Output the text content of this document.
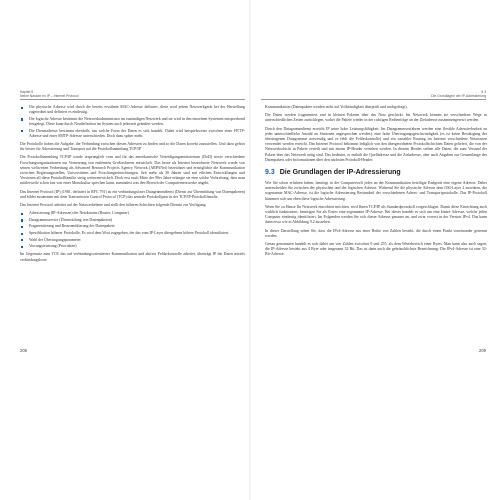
Kapitel 9
Netze Nassen ex IP – Internet Protocol
Die physische Adresse wird durch die bereits erwähnte MAC-Adresse definiert, diese wird jedem Netzwerkgerät bei der Herstellung zugeordnet und definiert es eindeutig.
Die logische Adresse bestimmt die Netzwerkadministrator im zuständigen Netzwerk und sie wird in den einzelnen Systemen entsprechend festgelegt. Diese kann durch Neudefinition im System auch jederzeit geändert werden.
Die Dienstadresse bestimmt ebenfalls, um welche Form der Daten es sich handelt. Dabei wird beispielsweise zwischen einer HTTP-Adresse und einer SMTP-Adresse unterschieden. Doch dazu später mehr.

Die Protokolle haben die Aufgabe, die Verbindung zwischen diesen Adressen zu finden und so die Daten korrekt zuzustellen. Und dazu gehört für besser für Adressierung und Transport auf die Protokollsammlung TCP/IP.

Die Protokollsammlung TCP/IP wurde ursprünglich vom und für das amerikanische Verteidigungsministerium (DoD) sowie verschiedene Forschungsorganisationen zur Vernetzung von entfernten Großrechnern entwickelt. Das heute als Internet bezeichnete Netzwerk wurde von seinen weltweiten Verbreitung als Advanced Research Projects Agency Network (ARPANet) bezeichnet und ermöglichte die Kommunikation zwischen Regierungsstellen, Universitäten und Forschungseinrichtungen. Seit mehr als 30 Jahren sind mit etlichen Entwicklungen und Versionen all diese Protokollfamilie stetig weiterentwickelt. Doch erst nach Mitte der 90er Jahre erlangte sie eine solche Verbreitung, dass man mittlerweile schon fast von einer Monokultur sprechen kann, zumindest was den Bereich der Computernetzwerke angeht.

Das Internet Protocol (IP) (1981, definiert in RFC 791) ist ein verbindungsloser Datagrammdienst (Dienst zur Übermittlung von Datenpaketen) und bildet zusammen mit dem Transmission Control Protocol (TCP) das zentrale Protokollpaar in der TCP/IP-Protokollfamilie.

Das Internet Protocol arbeitet auf der Netzwerkebene und stellt den höheren Schichten folgende Dienste zur Verfügung:

Adressierung (IP-Adressen) der Netzknoten (Router, Computer)
Datagrammservice (Übermittlung von Datenpaketen)
Fragmentierung und Reassemblierung der Datenpakete
Spezifikation höherer Protokolle. Es wird dem Wort zugegeben, der das vom IP-Layer übergebene höhere Protokoll identifiziert.
Wahl der Übertragungsparameter
Vorrangsteuerung (Prioritäten)

Im Gegensatz zum TCP, das auf verbindungsorientierter Kommunikation und aktiver Fehlerkontrolle arbeitet, überträgt IP die Daten mittels verbindungsloser

208
9.3
Die Grundlagen der IP-Adressierung

Kommunikation (Datenpakete werden nicht auf Vollständigkeit überprüft und nachgefragt).

Die Daten werden fragmentiert und in kleinen Paketen über das Netz geschickt. Im Netzwerk können sie verschiedene Wege in unterschiedlichen Zeiten zurücklegen, wobei die Pakete wieder in der richtigen Reihenfolge an der Zieladresse zusammengesetzt werden.

Durch den Datagrammdienst erreicht IP seine hohe Leistungsfähigkeit. Im Datagrammverfahren werden eine flexible Adressierbarkeit zu jeder unterschiedliche Anzahl an Stationen angesprochen werden), eine hohe Übertragungsgeschwindigkeit (es ist keine Bestätigung der übertragenen Datagramme notwendig und es fehlt die Fehlerkontrolle) und ein variabler Routing im Internet verschiedene Netzrouten verwendet werden erreicht. Das Internet Protocol bekommt lediglich von den übergeordneten Protokollschichten Daten geliefert, die von der Netzwerkschicht in Pakete verteilt und mit einem IP-Header versehen werden. In diesem Header stehen alle Daten, die zum Versand der Pakete über das Netzwerk nötig sind. Das bedeutet, er enthält die Quelladresse und die Zieladresse, aber auch Angaben zur Gesamtlänge des Datenpakets oder Informationen über den nächsten Protokoll-Header.

9.3 Die Grundlagen der IP-Adressierung

Wie Sie schon erfahren haben, benötigt in der Computerwelt jedes an der Kommunikation beteiligte Endgerät eine eigene Adresse. Dabei unterscheiden Sie zwischen der physischen und der logischen Adresse. Während Sie die physische Adresse dem OSI-Layer 2 zuordnen, die sogenannte MAC-Adresse, ist die logische Adressierung Bestandteil der verschiedenen Adress- und Transportprotokolle. Das IP-Protokoll kümmert sich um eben diese logische Adressierung.

Wenn Sie zu Hause Ihr Netzwerk einrichten möchten, wird Ihnen TCP/IP als Standardprotokoll vorgeschlagen. Damit diese Einrichtung auch wirklich funktioniert, benötigen Sie als Erstes eine sogenannte IP-Adresse. Bei dieser handelt es sich um eine binäre Adresse, welche jeden Computer eindeutig identifiziert. Im Folgenden werden Sie sich dieser Adresse genauer an, und zwar vorerst in der Version IPv4. Das kann dann etwa wie in Abbildung 9.2 aussehen.

In dieser Darstellung sehen Sie, dass die IPv4-Adresse aus einer Reihe von Zahlen besteht, die durch einen Punkt voneinander getrennt werden.

Genau genommen handelt es sich dabei um vier Zahlen zwischen 0 und 255, als dem Wertebereich einer Bytes. Man kann also auch sagen, die IP-Adresse besteht aus 4 Byte oder insgesamt 32 Bit. Das ist dann auch die gebräuchlichste Bezeichnung: Die IPv4-Adresse ist eine 32-Bit-Adresse.

209
